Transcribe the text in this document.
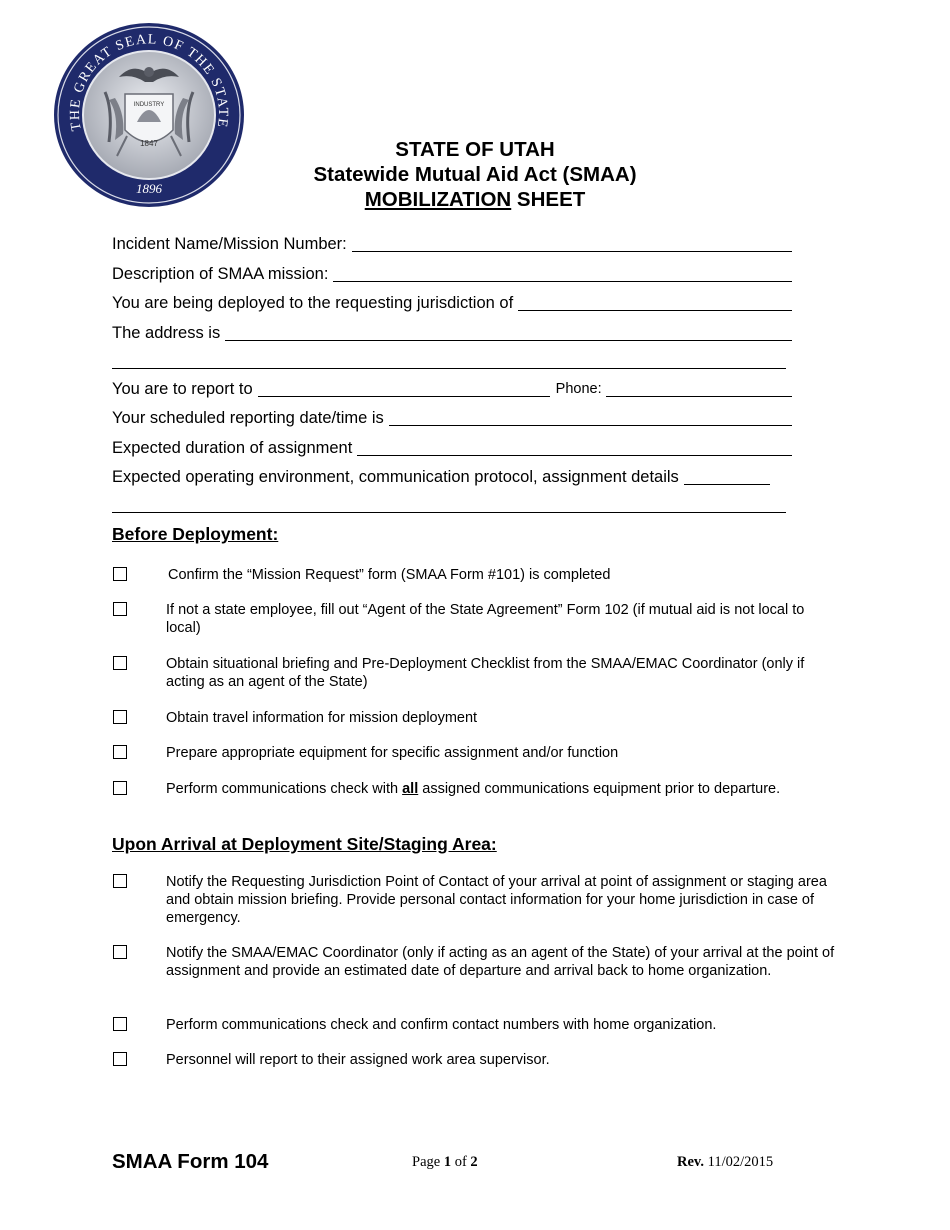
THE GREAT SEAL OF THE STATE
1896
INDUSTRY
1847	STATE OF UTAH
Statewide Mutual Aid Act (SMAA)
MOBILIZATION SHEET
Incident Name/Mission Number:
Description of SMAA mission:
You are being deployed to the requesting jurisdiction of
The address is
You are to report to	Phone:
Your scheduled reporting date/time is
Expected duration of assignment
Expected operating environment, communication protocol, assignment details
Before Deployment:
Confirm the “Mission Request” form (SMAA Form #101) is completed
If not a state employee, fill out “Agent of the State Agreement” Form 102 (if mutual aid is not local to local)
Obtain situational briefing and Pre-Deployment Checklist from the SMAA/EMAC Coordinator (only if acting as an agent of the State)
Obtain travel information for mission deployment
Prepare appropriate equipment for specific assignment and/or function
Perform communications check with all assigned communications equipment prior to departure.
Upon Arrival at Deployment Site/Staging Area:
Notify the Requesting Jurisdiction Point of Contact of your arrival at point of assignment or staging area and obtain mission briefing. Provide personal contact information for your home jurisdiction in case of emergency.
Notify the SMAA/EMAC Coordinator (only if acting as an agent of the State) of your arrival at the point of assignment and provide an estimated date of departure and arrival back to home organization.
Perform communications check and confirm contact numbers with home organization.
Personnel will report to their assigned work area supervisor.
SMAA Form 104	Page 1 of 2	Rev. 11/02/2015
